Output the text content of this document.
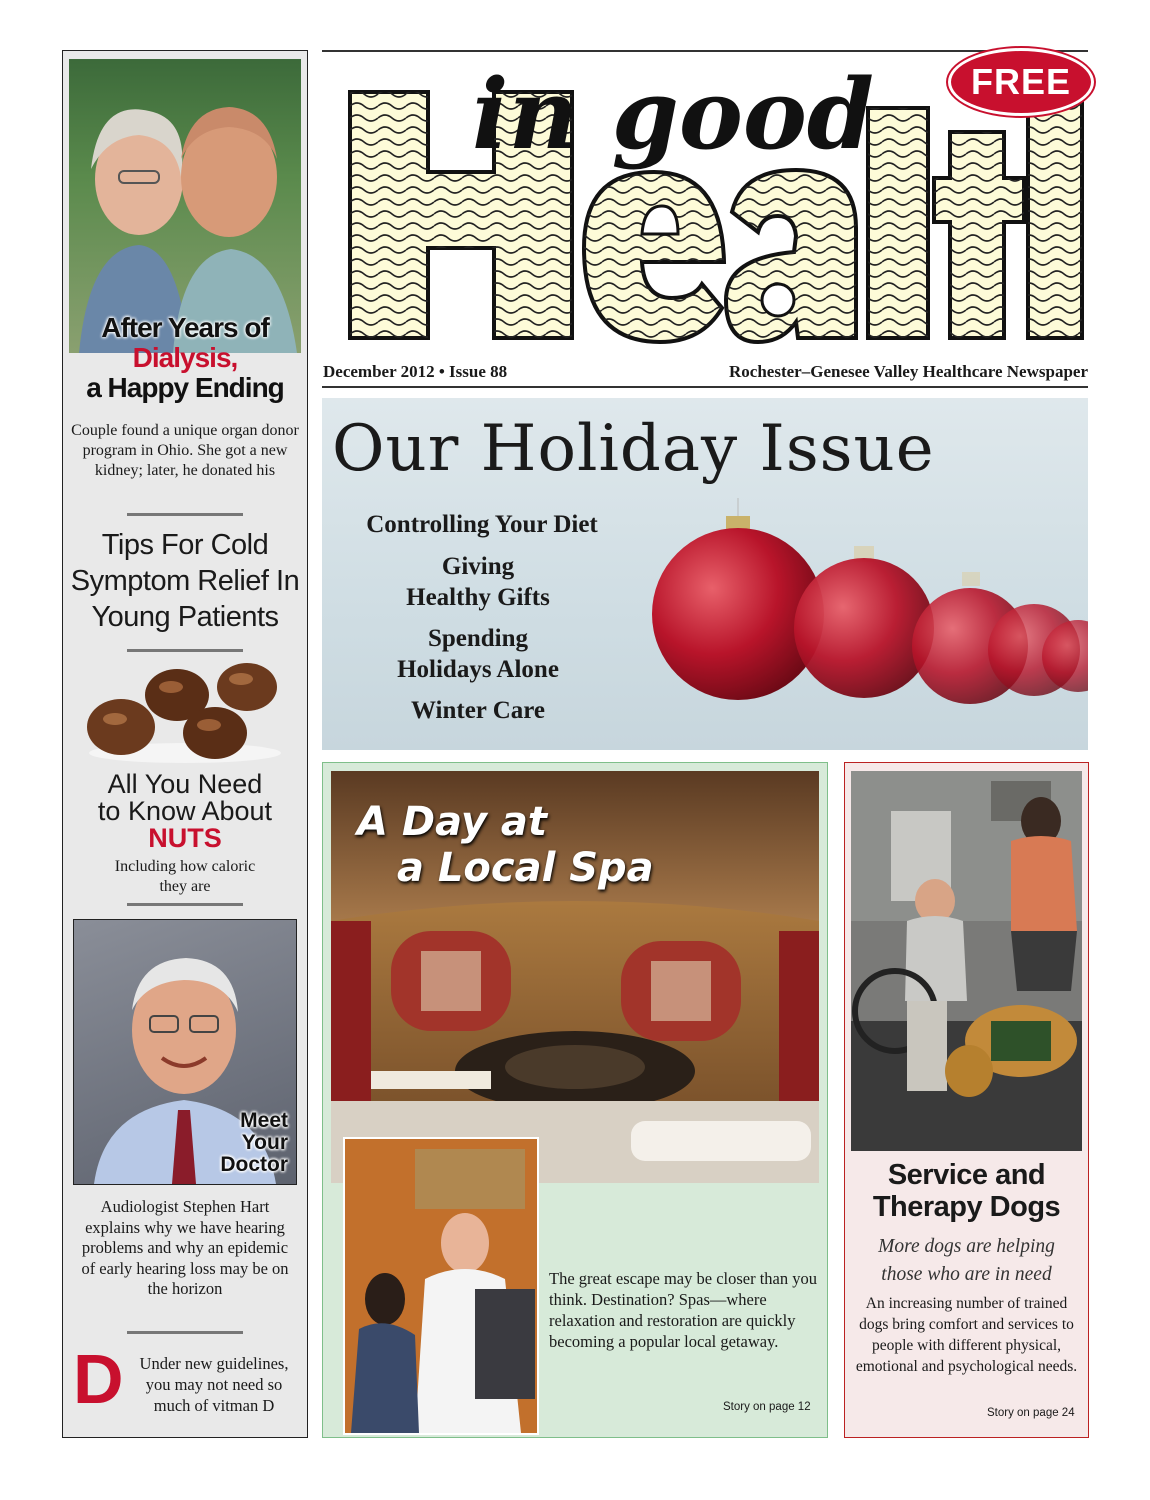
After Years of
Dialysis,
a Happy Ending
Couple found a unique organ donor program in Ohio. She got a new kidney; later, he donated his
Tips For Cold Symptom Relief In Young Patients
All You Need
to Know About
NUTS
Including how caloric they are
Meet
Your
Doctor
Audiologist Stephen Hart explains why we have hearing problems and why an epidemic of early hearing loss may be on the horizon
D Under new guidelines, you may not need so much of vitman D
in good	FREE
December 2012 • Issue 88	Rochester–Genesee Valley Healthcare Newspaper
Our Holiday Issue
Controlling Your Diet
Giving
Healthy Gifts
Spending
Holidays Alone
Winter Care
A Day at
a Local Spa
The great escape may be closer than you think. Destination? Spas—where relaxation and restoration are quickly becoming a popular local getaway.
Story on page 12
Service and
Therapy Dogs
More dogs are helping those who are in need
An increasing number of trained dogs bring comfort and services to people with different physical, emotional and psychological needs.
Story on page 24
